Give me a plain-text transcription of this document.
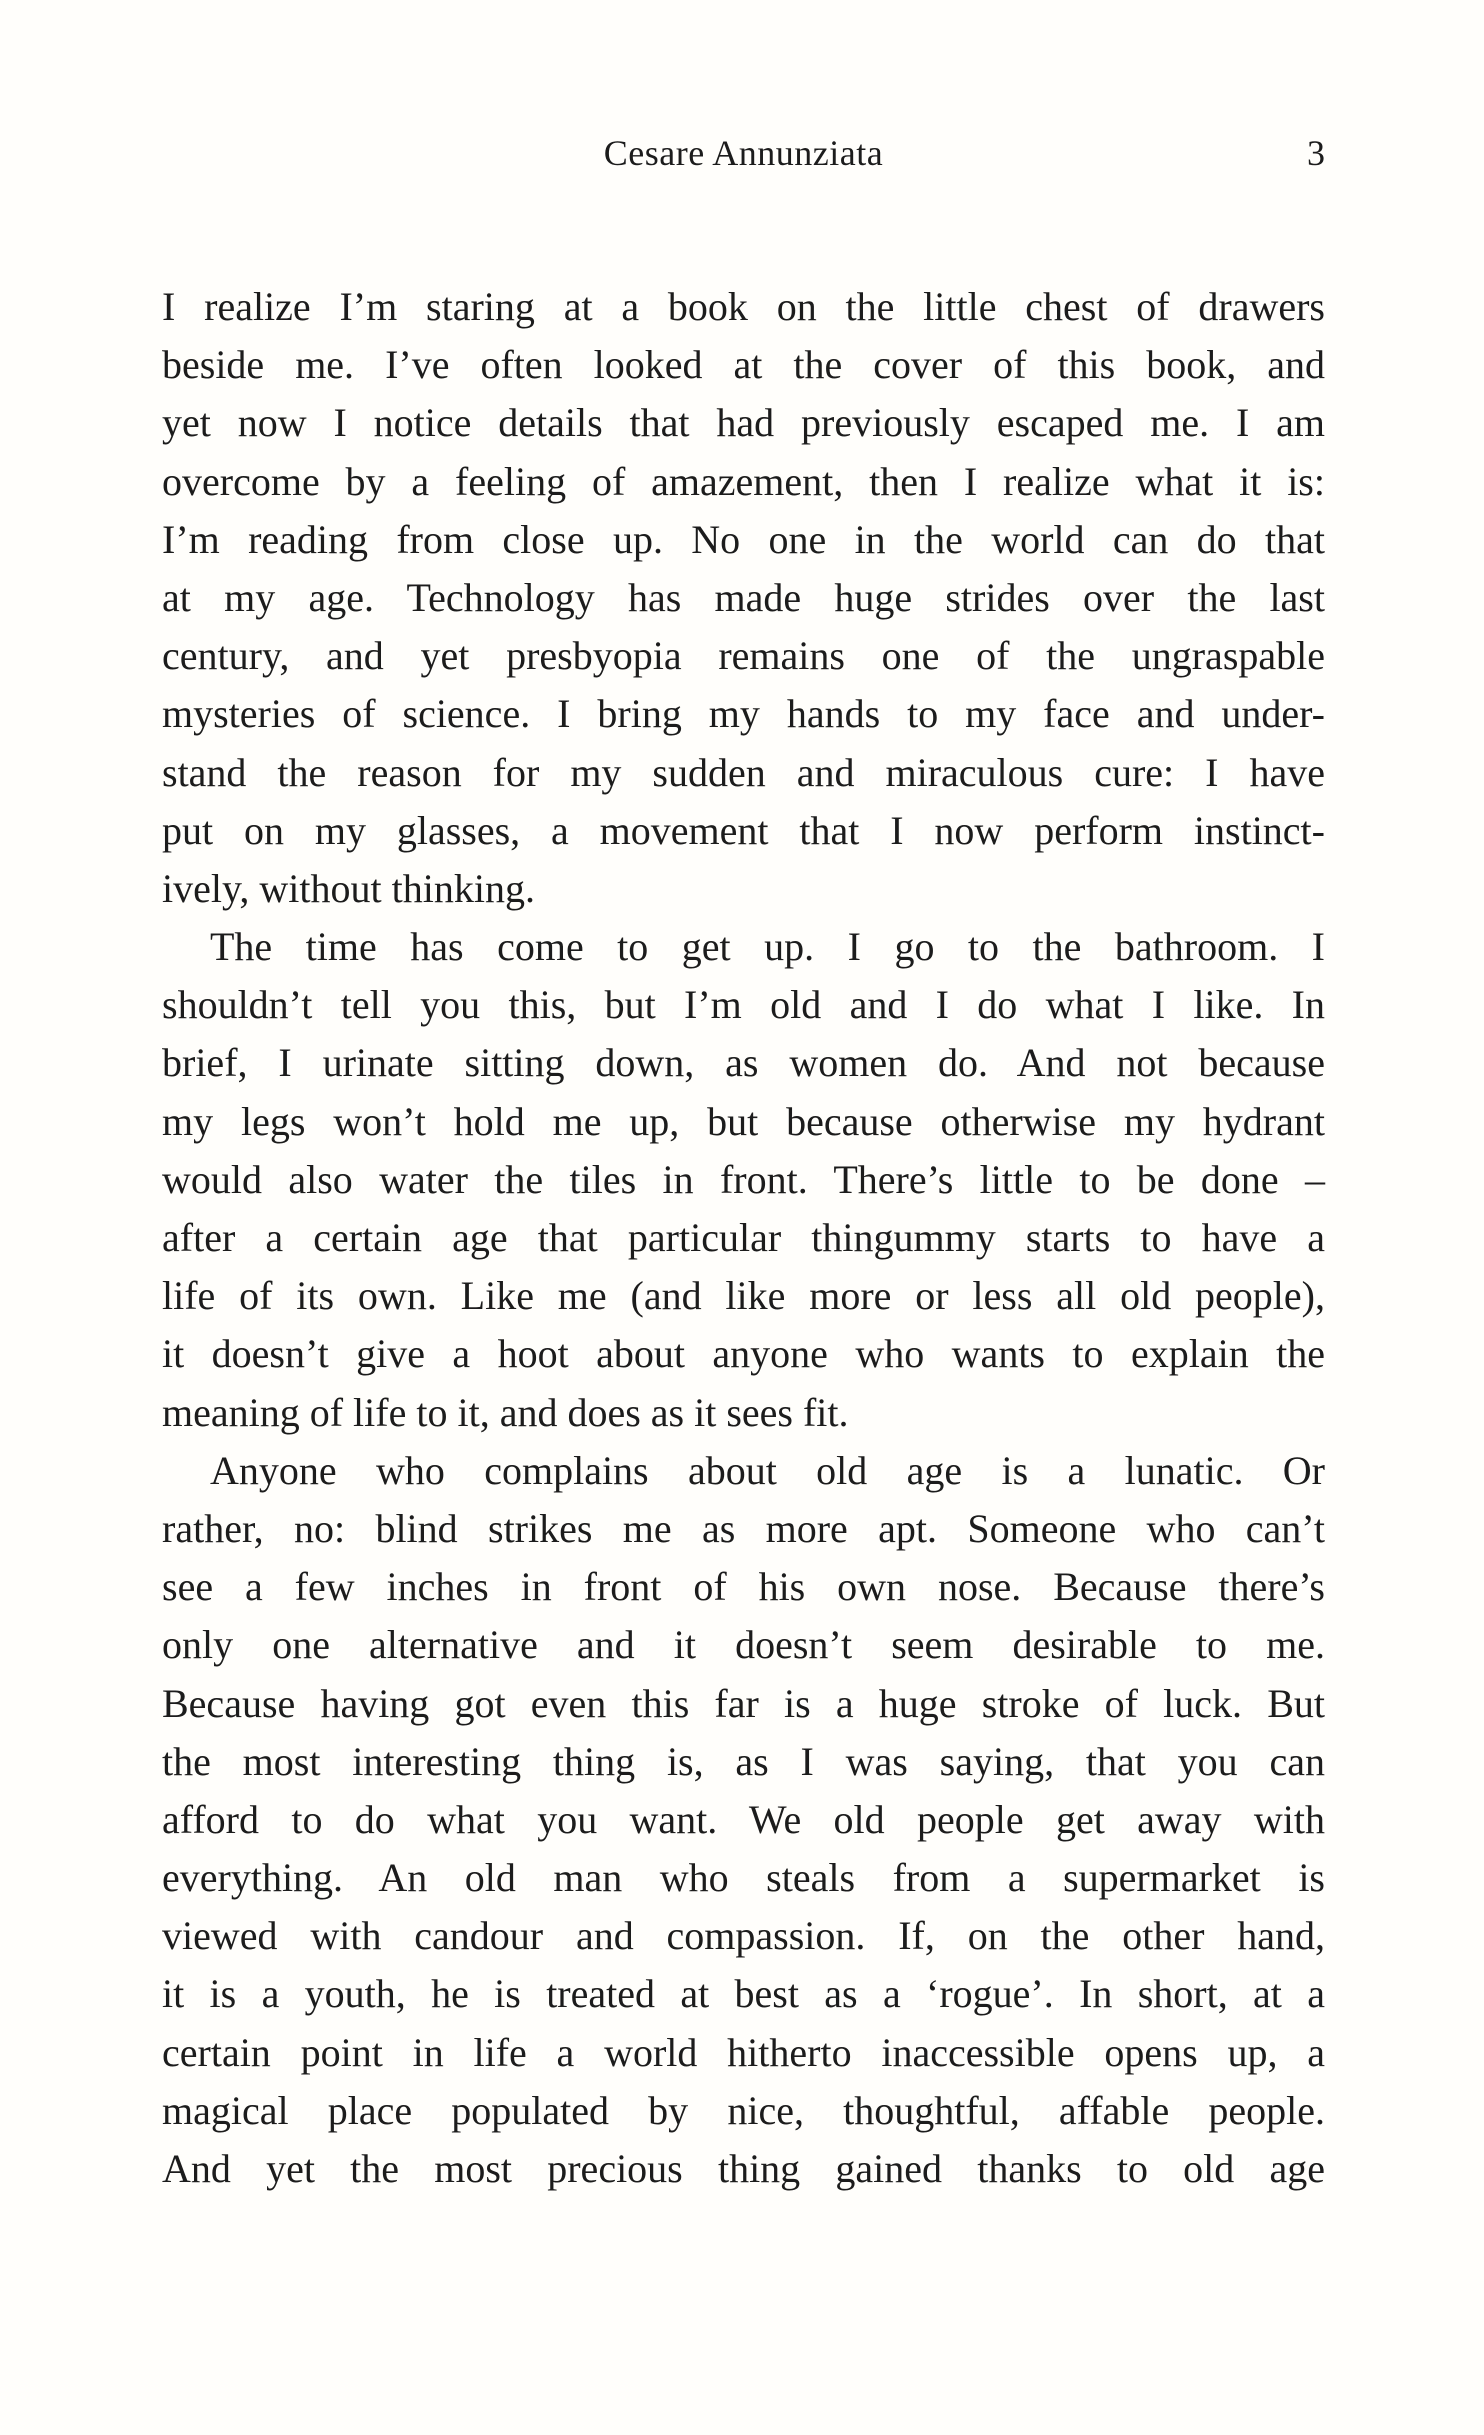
Cesare Annunziata	3
I realize I’m staring at a book on the little chest of drawers
beside me. I’ve often looked at the cover of this book, and
yet now I notice details that had previously escaped me. I am
overcome by a feeling of amazement, then I realize what it is:
I’m reading from close up. No one in the world can do that
at my age. Technology has made huge strides over the last
century, and yet presbyopia remains one of the ungraspable
mysteries of science. I bring my hands to my face and under-
stand the reason for my sudden and miraculous cure: I have
put on my glasses, a movement that I now perform instinct-
ively, without thinking.
The time has come to get up. I go to the bathroom. I
shouldn’t tell you this, but I’m old and I do what I like. In
brief, I urinate sitting down, as women do. And not because
my legs won’t hold me up, but because otherwise my hydrant
would also water the tiles in front. There’s little to be done –
after a certain age that particular thingummy starts to have a
life of its own. Like me (and like more or less all old people),
it doesn’t give a hoot about anyone who wants to explain the
meaning of life to it, and does as it sees fit.
Anyone who complains about old age is a lunatic. Or
rather, no: blind strikes me as more apt. Someone who can’t
see a few inches in front of his own nose. Because there’s
only one alternative and it doesn’t seem desirable to me.
Because having got even this far is a huge stroke of luck. But
the most interesting thing is, as I was saying, that you can
afford to do what you want. We old people get away with
everything. An old man who steals from a supermarket is
viewed with candour and compassion. If, on the other hand,
it is a youth, he is treated at best as a ‘rogue’. In short, at a
certain point in life a world hitherto inaccessible opens up, a
magical place populated by nice, thoughtful, affable people.
And yet the most precious thing gained thanks to old age
